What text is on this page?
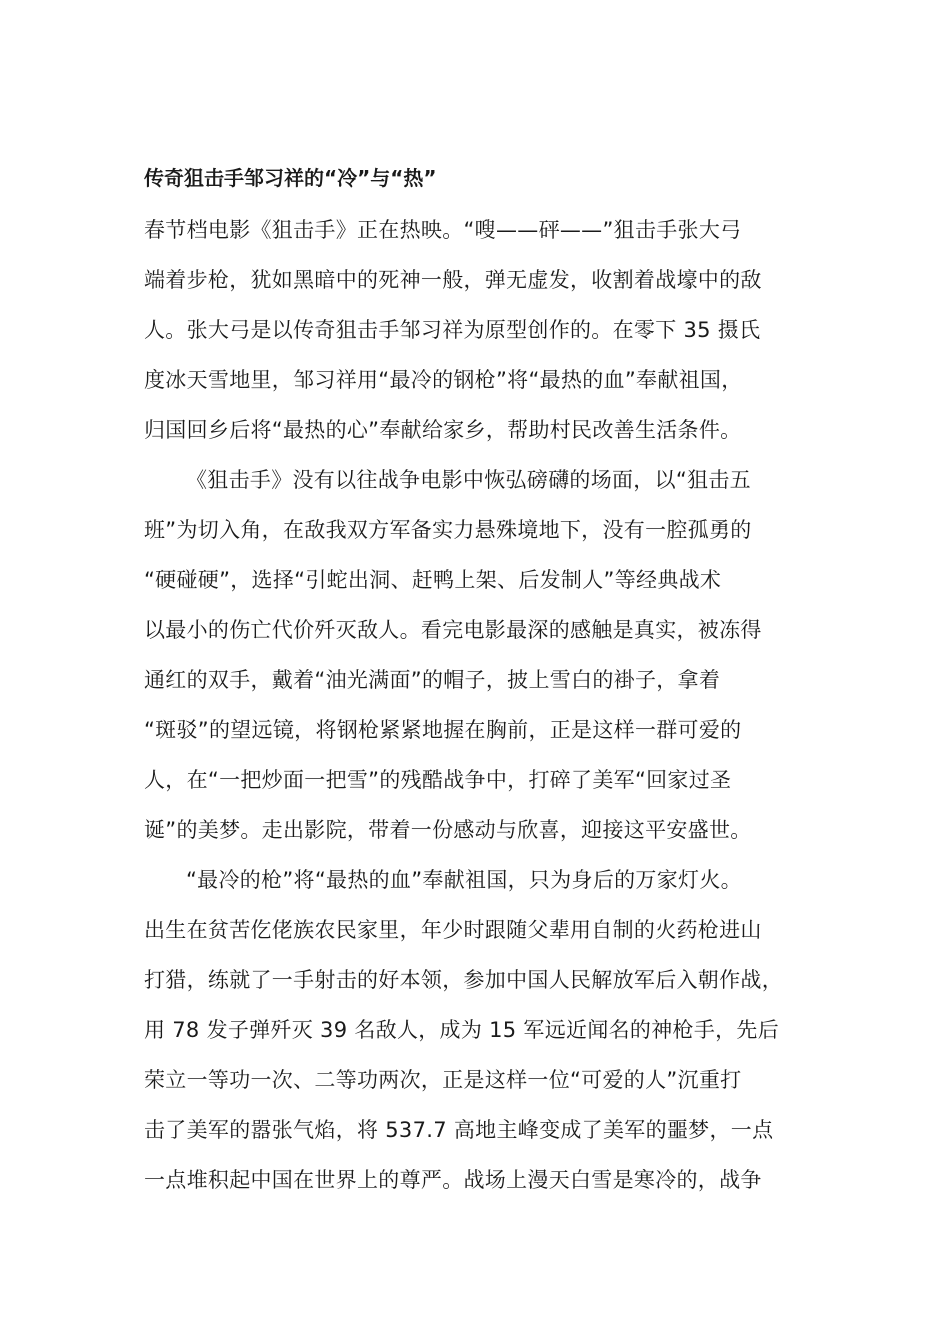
传奇狙击手邹习祥的“冷”与“热”
春节档电影《狙击手》正在热映。“嗖——砰——”狙击手张大弓
端着步枪，犹如黑暗中的死神一般，弹无虚发，收割着战壕中的敌
人。张大弓是以传奇狙击手邹习祥为原型创作的。在零下 35 摄氏
度冰天雪地里，邹习祥用“最冷的钢枪”将“最热的血”奉献祖国，
归国回乡后将“最热的心”奉献给家乡，帮助村民改善生活条件。
《狙击手》没有以往战争电影中恢弘磅礴的场面，以“狙击五
班”为切入角，在敌我双方军备实力悬殊境地下，没有一腔孤勇的
“硬碰硬”，选择“引蛇出洞、赶鸭上架、后发制人”等经典战术
以最小的伤亡代价歼灭敌人。看完电影最深的感触是真实，被冻得
通红的双手，戴着“油光满面”的帽子，披上雪白的褂子，拿着
“斑驳”的望远镜，将钢枪紧紧地握在胸前，正是这样一群可爱的
人，在“一把炒面一把雪”的残酷战争中，打碎了美军“回家过圣
诞”的美梦。走出影院，带着一份感动与欣喜，迎接这平安盛世。
“最冷的枪”将“最热的血”奉献祖国，只为身后的万家灯火。
出生在贫苦仡佬族农民家里，年少时跟随父辈用自制的火药枪进山
打猎，练就了一手射击的好本领，参加中国人民解放军后入朝作战，
用 78 发子弹歼灭 39 名敌人，成为 15 军远近闻名的神枪手，先后
荣立一等功一次、二等功两次，正是这样一位“可爱的人”沉重打
击了美军的嚣张气焰，将 537.7 高地主峰变成了美军的噩梦，一点
一点堆积起中国在世界上的尊严。战场上漫天白雪是寒冷的，战争
